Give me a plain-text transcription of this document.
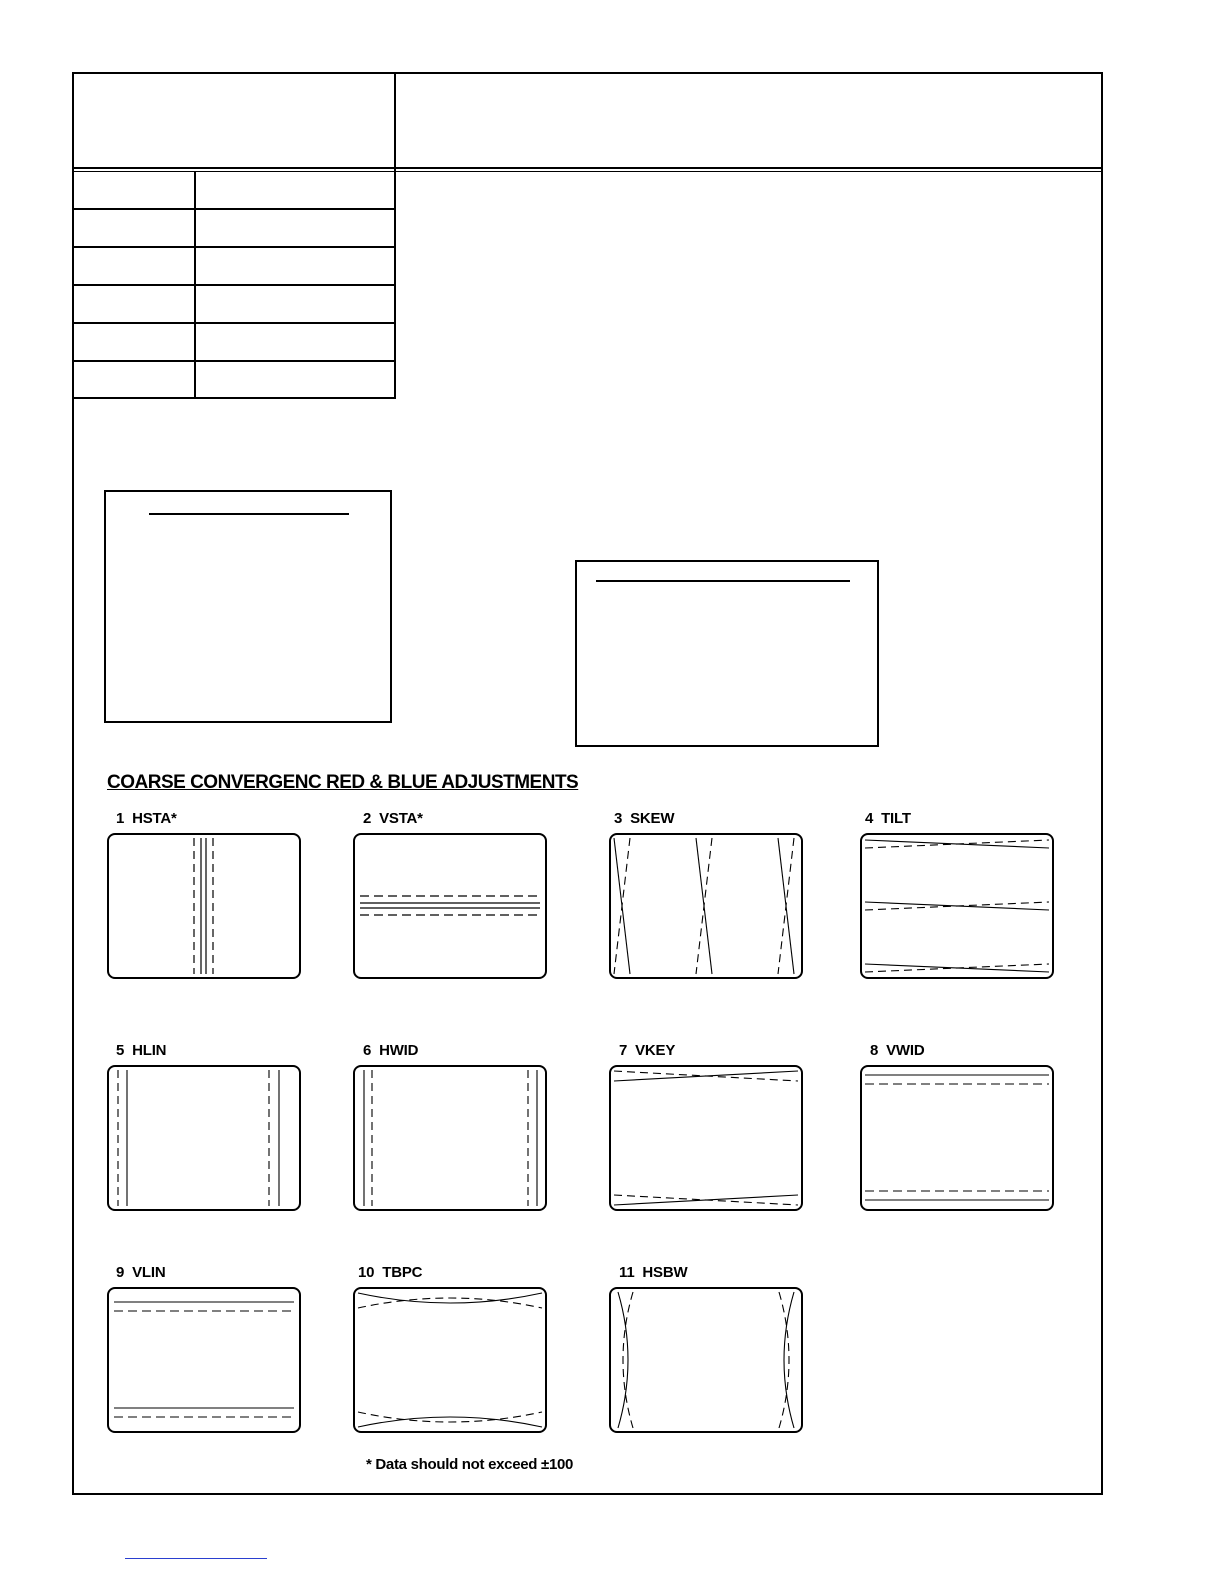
COARSE CONVERGENC RED & BLUE ADJUSTMENTS
1 HSTA*	2 VSTA*	3 SKEW	4 TILT
5 HLIN	6 HWID	7 VKEY	8 VWID
9 VLIN	10 TBPC	11 HSBW
* Data should not exceed ±100
